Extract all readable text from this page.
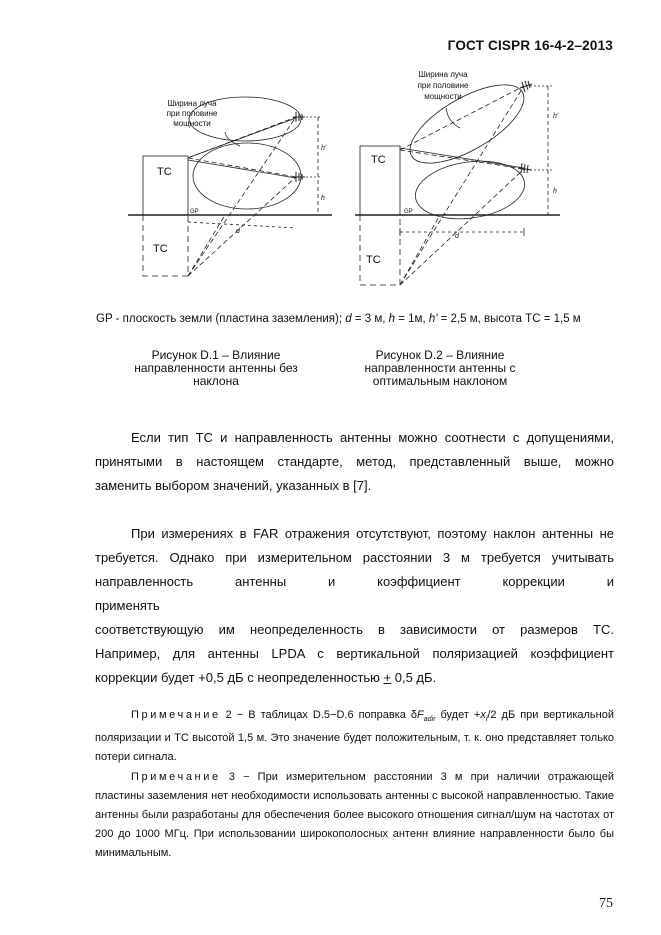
ГОСТ CISPR 16-4-2–2013
Ширина луча
при половине
мощности
ТС
ТС
GP
d
h
h'
Ширина луча
при половине
мощности
ТС
ТС
GP
d
h
h'
GP - плоскость земли (пластина заземления); d = 3 м, h = 1м, h' = 2,5 м, высота ТС = 1,5 м
Рисунок D.1 – Влияние
направленности антенны без
наклона
Рисунок D.2 – Влияние
направленности антенны с
оптимальным наклоном
Если тип ТС и направленность антенны можно соотнести с допущениями,
принятыми в настоящем стандарте, метод, представленный выше, можно
заменить выбором значений, указанных в [7].
При измерениях в FAR отражения отсутствуют, поэтому наклон антенны не
требуется. Однако при измерительном расстоянии 3 м требуется учитывать
направленность антенны и коэффициент коррекции и применять
соответствующую им неопределенность в зависимости от размеров ТС.
Например, для антенны LPDA с вертикальной поляризацией коэффициент
коррекции будет +0,5 дБ с неопределенностью + 0,5 дБ.

Примечание 2 − В таблицах D.5−D.6 поправка $\delta F_{adir}$ будет $+x_i/2$ дБ при вертикальной поляризации и ТС высотой 1,5 м. Это значение будет положительным, т. к. оно представляет только потери сигнала.

Примечание 3 − При измерительном расстоянии 3 м при наличии отражающей пластины заземления нет необходимости использовать антенны с высокой направленностью. Такие антенны были разработаны для обеспечения более высокого отношения сигнал/шум на частотах от 200 до 1000 МГц. При использовании широкополосных антенн влияние направленности было бы минимальным.

75
